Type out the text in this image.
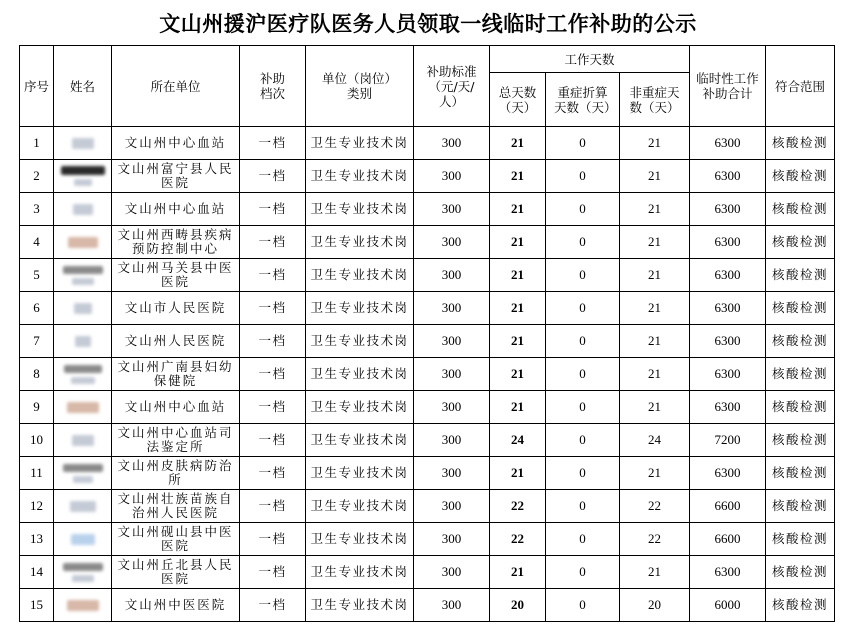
文山州援沪医疗队医务人员领取一线临时工作补助的公示
序号	姓名	所在单位	补助档次	单位（岗位）类别	补助标准（元/天/人）	工作天数			临时性工作补助合计	符合范围
						总天数（天）	重症折算天数（天）	非重症天数（天）		
1		文山州中心血站	一档	卫生专业技术岗	300	21	0	21	6300	核酸检测
2		文山州富宁县人民医院	一档	卫生专业技术岗	300	21	0	21	6300	核酸检测
3		文山州中心血站	一档	卫生专业技术岗	300	21	0	21	6300	核酸检测
4		文山州西畴县疾病预防控制中心	一档	卫生专业技术岗	300	21	0	21	6300	核酸检测
5		文山州马关县中医医院	一档	卫生专业技术岗	300	21	0	21	6300	核酸检测
6		文山市人民医院	一档	卫生专业技术岗	300	21	0	21	6300	核酸检测
7		文山州人民医院	一档	卫生专业技术岗	300	21	0	21	6300	核酸检测
8		文山州广南县妇幼保健院	一档	卫生专业技术岗	300	21	0	21	6300	核酸检测
9		文山州中心血站	一档	卫生专业技术岗	300	21	0	21	6300	核酸检测
10		文山州中心血站司法鉴定所	一档	卫生专业技术岗	300	24	0	24	7200	核酸检测
11		文山州皮肤病防治所	一档	卫生专业技术岗	300	21	0	21	6300	核酸检测
12		文山州壮族苗族自治州人民医院	一档	卫生专业技术岗	300	22	0	22	6600	核酸检测
13		文山州砚山县中医医院	一档	卫生专业技术岗	300	22	0	22	6600	核酸检测
14		文山州丘北县人民医院	一档	卫生专业技术岗	300	21	0	21	6300	核酸检测
15		文山州中医医院	一档	卫生专业技术岗	300	20	0	20	6000	核酸检测
